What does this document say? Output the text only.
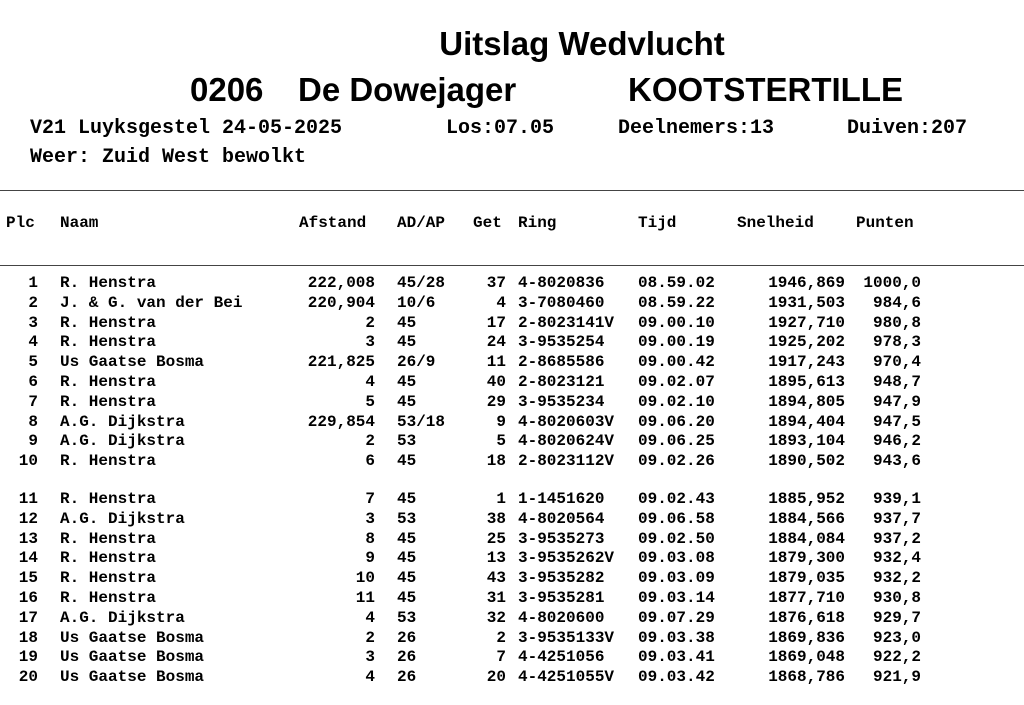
Uitslag Wedvlucht
0206 De Dowejager	KOOTSTERTILLE
V21 Luyksgestel 24-05-2025	Los:07.05	Deelnemers:13	Duiven:207
Weer: Zuid West bewolkt
Plc Naam	Afstand AD/AP Get Ring	Tijd	Snelheid	Punten
1 R. Henstra	222,008 45/28	37 4-8020836 08.59.02	1946,869 1000,0
2 J. & G. van der Bei	220,904 10/6	4 3-7080460 08.59.22	1931,503 984,6
3 R. Henstra	2 45	17 2-8023141V 09.00.10	1927,710 980,8
4 R. Henstra	3 45	24 3-9535254 09.00.19	1925,202 978,3
5 Us Gaatse Bosma	221,825 26/9	11 2-8685586 09.00.42	1917,243 970,4
6 R. Henstra	4 45	40 2-8023121 09.02.07	1895,613 948,7
7 R. Henstra	5 45	29 3-9535234 09.02.10	1894,805 947,9
8 A.G. Dijkstra	229,854 53/18	9 4-8020603V 09.06.20	1894,404 947,5
9 A.G. Dijkstra	2 53	5 4-8020624V 09.06.25	1893,104 946,2
10 R. Henstra	6 45	18 2-8023112V 09.02.26	1890,502 943,6
11 R. Henstra	7 45	1 1-1451620 09.02.43	1885,952 939,1
12 A.G. Dijkstra	3 53	38 4-8020564 09.06.58	1884,566 937,7
13 R. Henstra	8 45	25 3-9535273 09.02.50	1884,084 937,2
14 R. Henstra	9 45	13 3-9535262V 09.03.08	1879,300 932,4
15 R. Henstra	10 45	43 3-9535282 09.03.09	1879,035 932,2
16 R. Henstra	11 45	31 3-9535281 09.03.14	1877,710 930,8
17 A.G. Dijkstra	4 53	32 4-8020600 09.07.29	1876,618 929,7
18 Us Gaatse Bosma	2 26	2 3-9535133V 09.03.38	1869,836 923,0
19 Us Gaatse Bosma	3 26	7 4-4251056 09.03.41	1869,048 922,2
20 Us Gaatse Bosma	4 26	20 4-4251055V 09.03.42	1868,786 921,9
